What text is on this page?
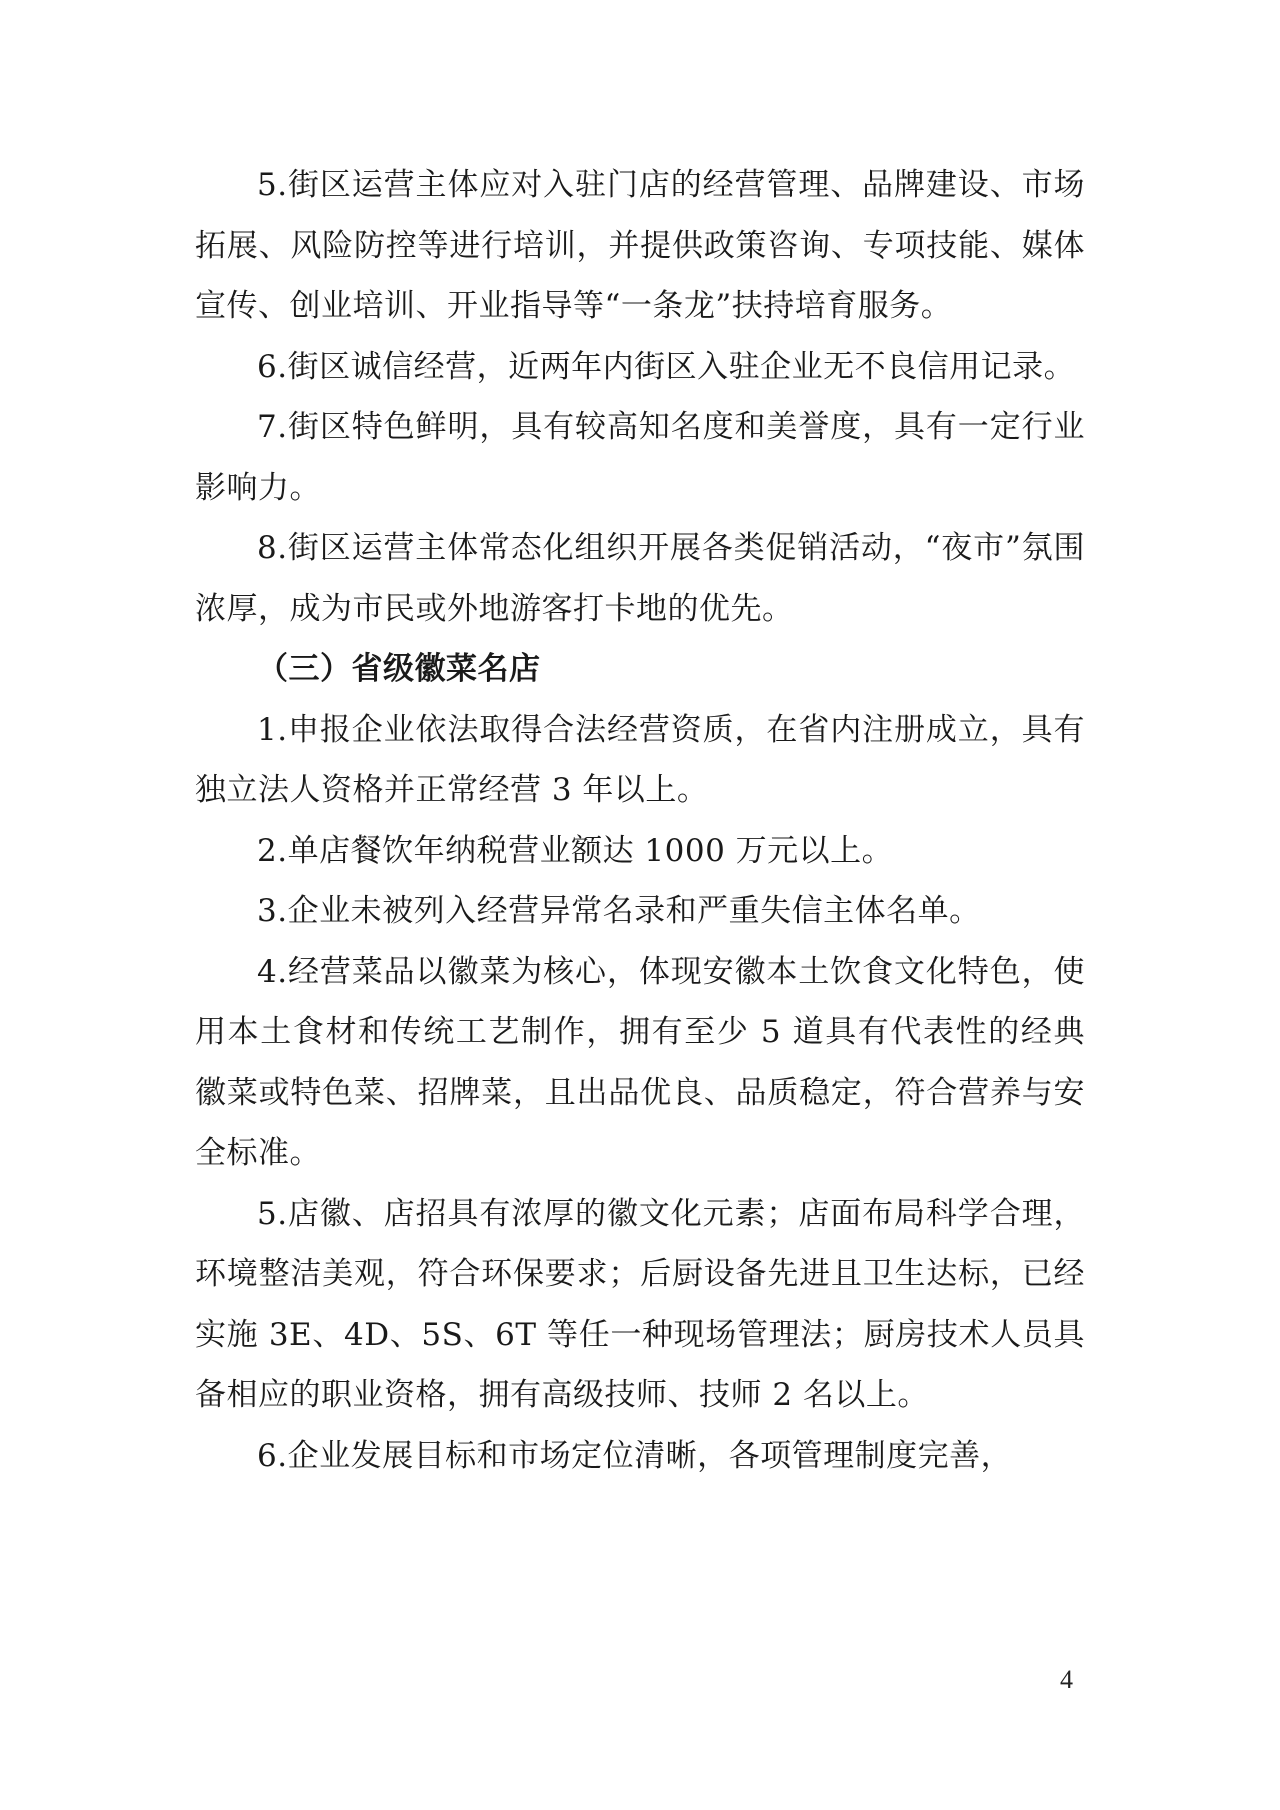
5.街区运营主体应对入驻门店的经营管理、品牌建设、市场拓展、风险防控等进行培训，并提供政策咨询、专项技能、媒体宣传、创业培训、开业指导等“一条龙”扶持培育服务。

6.街区诚信经营，近两年内街区入驻企业无不良信用记录。

7.街区特色鲜明，具有较高知名度和美誉度，具有一定行业影响力。

8.街区运营主体常态化组织开展各类促销活动，“夜市”氛围浓厚，成为市民或外地游客打卡地的优先。

（三）省级徽菜名店

1.申报企业依法取得合法经营资质，在省内注册成立，具有独立法人资格并正常经营 3 年以上。

2.单店餐饮年纳税营业额达 1000 万元以上。

3.企业未被列入经营异常名录和严重失信主体名单。

4.经营菜品以徽菜为核心，体现安徽本土饮食文化特色，使用本土食材和传统工艺制作，拥有至少 5 道具有代表性的经典徽菜或特色菜、招牌菜，且出品优良、品质稳定，符合营养与安全标准。

5.店徽、店招具有浓厚的徽文化元素；店面布局科学合理，环境整洁美观，符合环保要求；后厨设备先进且卫生达标，已经实施 3E、4D、5S、6T 等任一种现场管理法；厨房技术人员具备相应的职业资格，拥有高级技师、技师 2 名以上。

6.企业发展目标和市场定位清晰，各项管理制度完善，

4
